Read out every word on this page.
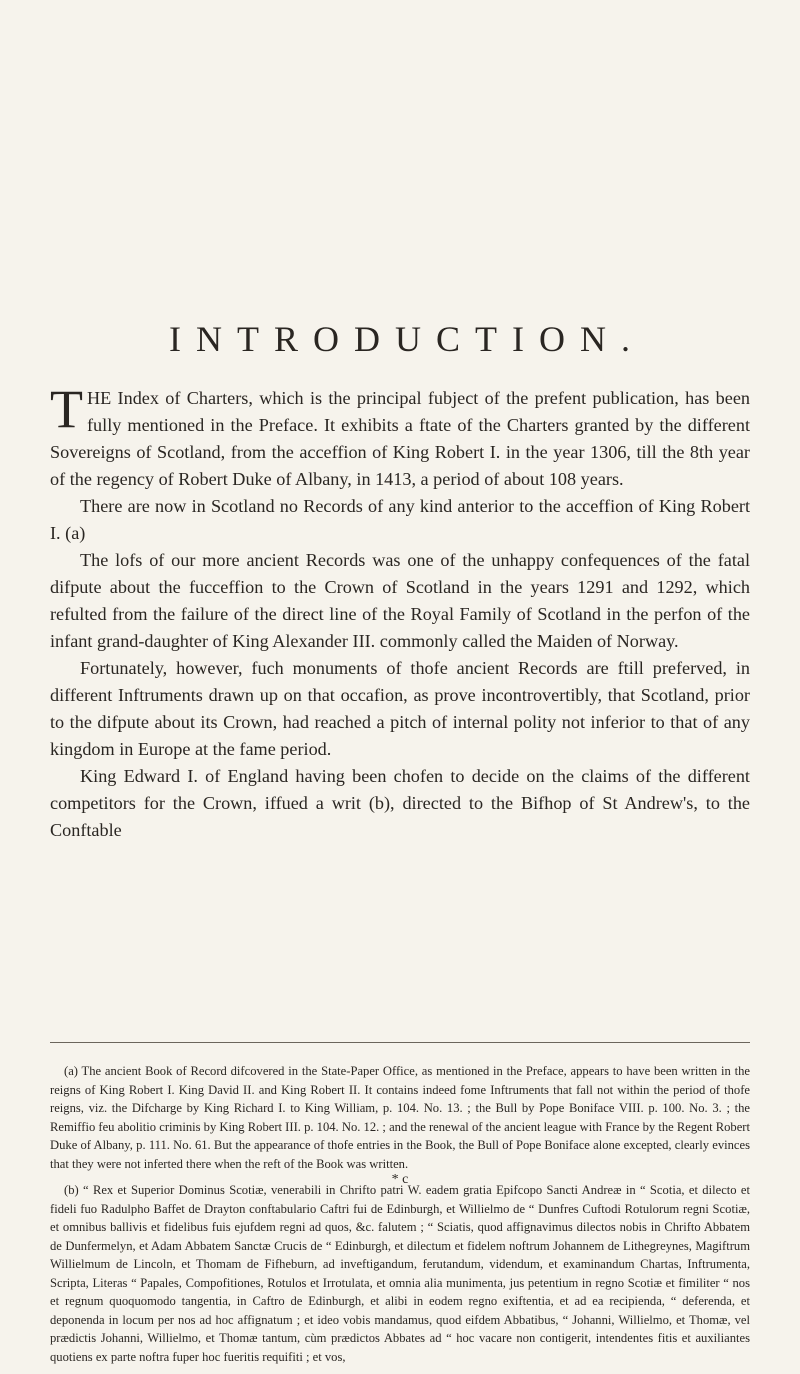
INTRODUCTION.

THE Index of Charters, which is the principal fubject of the prefent publication, has been fully mentioned in the Preface. It exhibits a ftate of the Charters granted by the different Sovereigns of Scotland, from the acceffion of King Robert I. in the year 1306, till the 8th year of the regency of Robert Duke of Albany, in 1413, a period of about 108 years.

There are now in Scotland no Records of any kind anterior to the acceffion of King Robert I. (a)

The lofs of our more ancient Records was one of the unhappy confequences of the fatal difpute about the fucceffion to the Crown of Scotland in the years 1291 and 1292, which refulted from the failure of the direct line of the Royal Family of Scotland in the perfon of the infant grand-daughter of King Alexander III. commonly called the Maiden of Norway.

Fortunately, however, fuch monuments of thofe ancient Records are ftill preferved, in different Inftruments drawn up on that occafion, as prove incontrovertibly, that Scotland, prior to the difpute about its Crown, had reached a pitch of internal polity not inferior to that of any kingdom in Europe at the fame period.

King Edward I. of England having been chofen to decide on the claims of the different competitors for the Crown, iffued a writ (b), directed to the Bifhop of St Andrew's, to the Conftable

(a) The ancient Book of Record difcovered in the State-Paper Office, as mentioned in the Preface, appears to have been written in the reigns of King Robert I. King David II. and King Robert II. It contains indeed fome Inftruments that fall not within the period of thofe reigns, viz. the Difcharge by King Richard I. to King William, p. 104. No. 13. ; the Bull by Pope Boniface VIII. p. 100. No. 3. ; the Remiffio feu abolitio criminis by King Robert III. p. 104. No. 12. ; and the renewal of the ancient league with France by the Regent Robert Duke of Albany, p. 111. No. 61. But the appearance of thofe entries in the Book, the Bull of Pope Boniface alone excepted, clearly evinces that they were not inferted there when the reft of the Book was written.

(b) “ Rex et Superior Dominus Scotiæ, venerabili in Chrifto patri W. eadem gratia Epifcopo Sancti Andreæ in “ Scotia, et dilecto et fideli fuo Radulpho Baffet de Drayton conftabulario Caftri fui de Edinburgh, et Willielmo de “ Dunfres Cuftodi Rotulorum regni Scotiæ, et omnibus ballivis et fidelibus fuis ejufdem regni ad quos, &c. falutem ; “ Sciatis, quod affignavimus dilectos nobis in Chrifto Abbatem de Dunfermelyn, et Adam Abbatem Sanctæ Crucis de “ Edinburgh, et dilectum et fidelem noftrum Johannem de Lithegreynes, Magiftrum Willielmum de Lincoln, et Thomam de Fifheburn, ad inveftigandum, ferutandum, videndum, et examinandum Chartas, Inftrumenta, Scripta, Literas “ Papales, Compofitiones, Rotulos et Irrotulata, et omnia alia munimenta, jus petentium in regno Scotiæ et fimiliter “ nos et regnum quoquomodo tangentia, in Caftro de Edinburgh, et alibi in eodem regno exiftentia, et ad ea recipienda, “ deferenda, et deponenda in locum per nos ad hoc affignatum ; et ideo vobis mandamus, quod eifdem Abbatibus, “ Johanni, Willielmo, et Thomæ, vel prædictis Johanni, Willielmo, et Thomæ tantum, cùm prædictos Abbates ad “ hoc vacare non contigerit, intendentes fitis et auxiliantes quotiens ex parte noftra fuper hoc fueritis requifiti ; et vos,

* c
